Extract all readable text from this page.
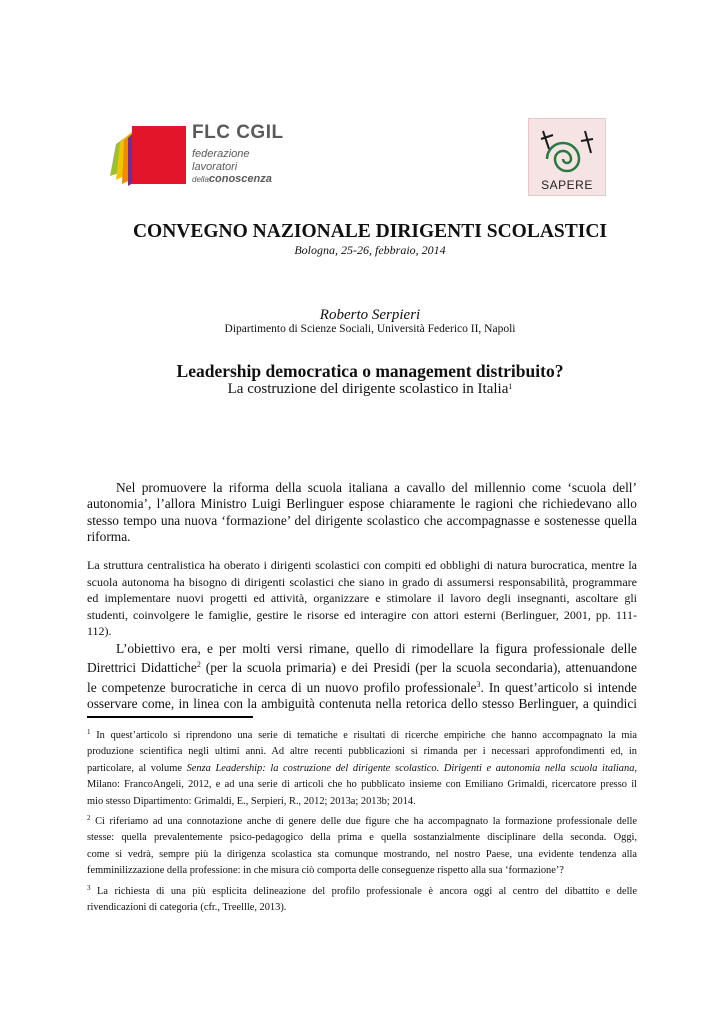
FLC CGIL
federazione
lavoratori
dellaconoscenza	SAPERE
CONVEGNO NAZIONALE DIRIGENTI SCOLASTICI
Bologna, 25-26, febbraio, 2014
Roberto Serpieri
Dipartimento di Scienze Sociali, Università Federico II, Napoli
Leadership democratica o management distribuito?
La costruzione del dirigente scolastico in Italia$^1$
Nel promuovere la riforma della scuola italiana a cavallo del millennio come ‘scuola dell’
autonomia’, l’allora Ministro Luigi Berlinguer espose chiaramente le ragioni che richiedevano allo
stesso tempo una nuova ‘formazione’ del dirigente scolastico che accompagnasse e sostenesse quella
riforma.
La struttura centralistica ha oberato i dirigenti scolastici con compiti ed obblighi di natura burocratica, mentre la
scuola autonoma ha bisogno di dirigenti scolastici che siano in grado di assumersi responsabilità, programmare
ed implementare nuovi progetti ed attività, organizzare e stimolare il lavoro degli insegnanti, ascoltare gli
studenti, coinvolgere le famiglie, gestire le risorse ed interagire con attori esterni (Berlinguer, 2001, pp. 111-
112).
L’obiettivo era, e per molti versi rimane, quello di rimodellare la figura professionale delle
Direttrici Didattiche$^2$ (per la scuola primaria) e dei Presidi (per la scuola secondaria), attenuandone
le competenze burocratiche in cerca di un nuovo profilo professionale$^3$. In quest’articolo si intende
osservare come, in linea con la ambiguità contenuta nella retorica dello stesso Berlinguer, a quindici
$^1$ In quest’articolo si riprendono una serie di tematiche e risultati di ricerche empiriche che hanno accompagnato la mia
produzione scientifica negli ultimi anni. Ad altre recenti pubblicazioni si rimanda per i necessari approfondimenti ed, in
particolare, al volume Senza Leadership: la costruzione del dirigente scolastico. Dirigenti e autonomia nella scuola italiana,
Milano: FrancoAngeli, 2012, e ad una serie di articoli che ho pubblicato insieme con Emiliano Grimaldi, ricercatore presso il
mio stesso Dipartimento: Grimaldi, E., Serpieri, R., 2012; 2013a; 2013b; 2014.
$^2$ Ci riferiamo ad una connotazione anche di genere delle due figure che ha accompagnato la formazione professionale delle
stesse: quella prevalentemente psico-pedagogico della prima e quella sostanzialmente disciplinare della seconda. Oggi,
come si vedrà, sempre più la dirigenza scolastica sta comunque mostrando, nel nostro Paese, una evidente tendenza alla
femminilizzazione della professione: in che misura ciò comporta delle conseguenze rispetto alla sua ‘formazione’?
$^3$ La richiesta di una più esplicita delineazione del profilo professionale è ancora oggi al centro del dibattito e delle
rivendicazioni di categoria (cfr., Treellle, 2013).
